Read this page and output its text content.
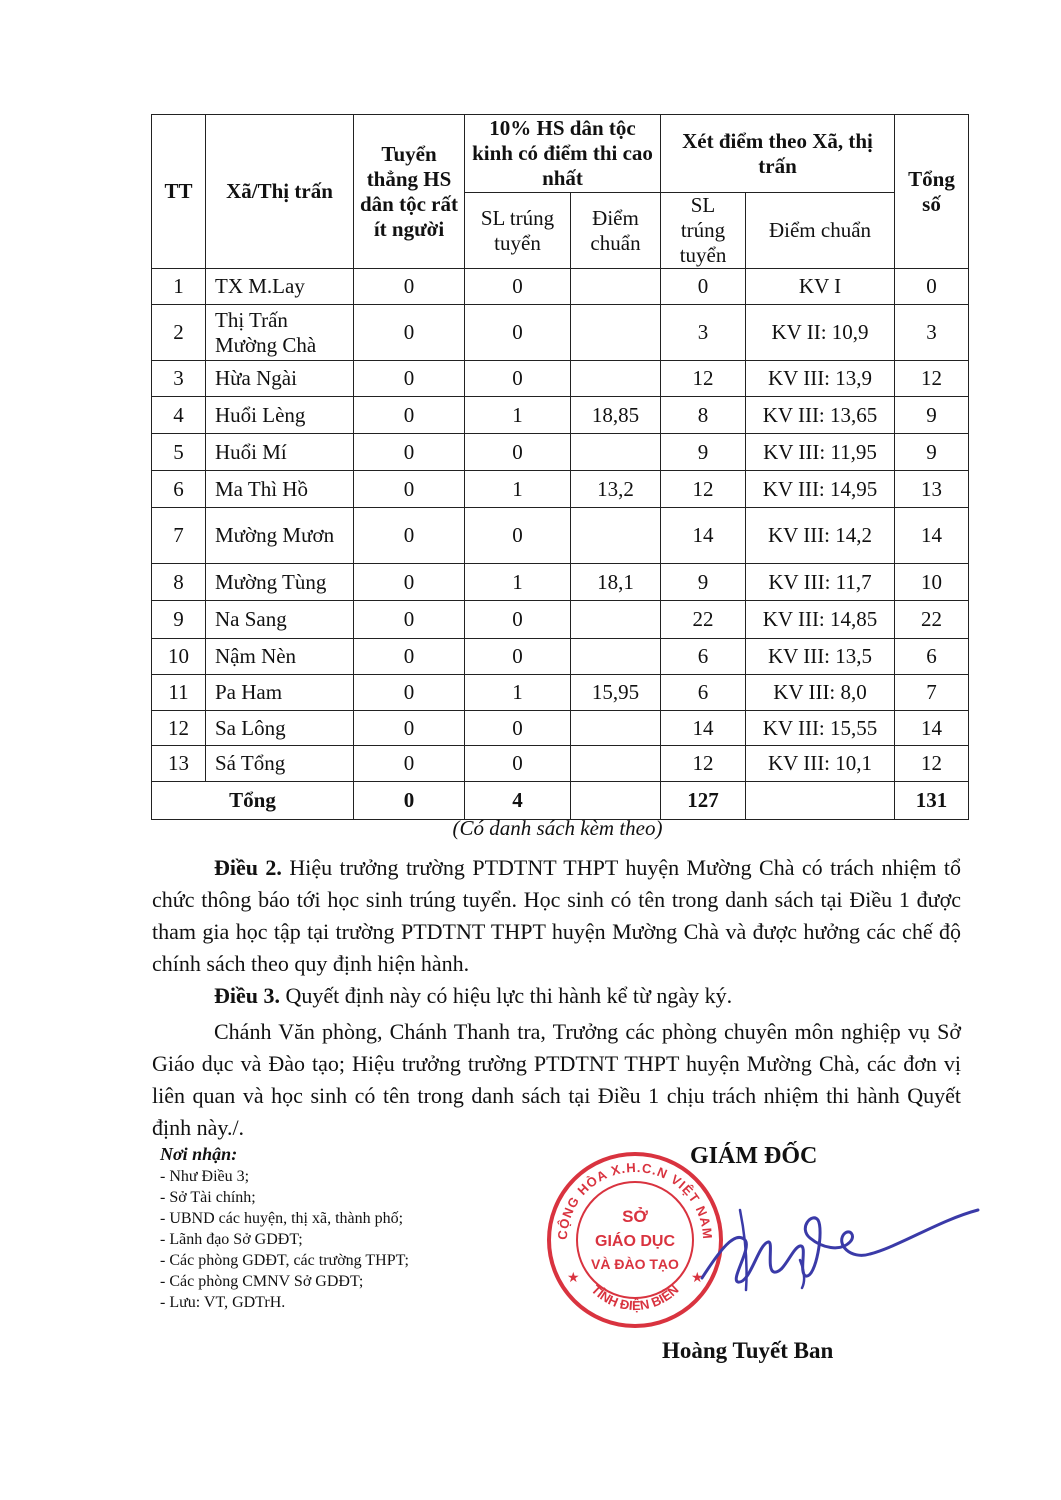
TT	Xã/Thị trấn	Tuyển thẳng HS dân tộc rất ít người	10% HS dân tộc kinh có điểm thi cao nhất		Xét điểm theo Xã, thị trấn		Tổng số
			SL trúng tuyển	Điểm chuẩn	SL trúng tuyển	Điểm chuẩn	
1	TX M.Lay	0	0		0	KV I	0
2	Thị Trấn Mường Chà	0	0		3	KV II: 10,9	3
3	Hừa Ngài	0	0		12	KV III: 13,9	12
4	Huổi Lèng	0	1	18,85	8	KV III: 13,65	9
5	Huổi Mí	0	0		9	KV III: 11,95	9
6	Ma Thì Hồ	0	1	13,2	12	KV III: 14,95	13
7	Mường Mươn	0	0		14	KV III: 14,2	14
8	Mường Tùng	0	1	18,1	9	KV III: 11,7	10
9	Na Sang	0	0		22	KV III: 14,85	22
10	Nậm Nèn	0	0		6	KV III: 13,5	6
11	Pa Ham	0	1	15,95	6	KV III: 8,0	7
12	Sa Lông	0	0		14	KV III: 15,55	14
13	Sá Tổng	0	0		12	KV III: 10,1	12
Tổng		0	4		127		131
(Có danh sách kèm theo)

Điều 2. Hiệu trưởng trường PTDTNT THPT huyện Mường Chà có trách nhiệm tổ chức thông báo tới học sinh trúng tuyển. Học sinh có tên trong danh sách tại Điều 1 được tham gia học tập tại trường PTDTNT THPT huyện Mường Chà và được hưởng các chế độ chính sách theo quy định hiện hành.

Điều 3. Quyết định này có hiệu lực thi hành kể từ ngày ký.

Chánh Văn phòng, Chánh Thanh tra, Trưởng các phòng chuyên môn nghiệp vụ Sở Giáo dục và Đào tạo; Hiệu trưởng trường PTDTNT THPT huyện Mường Chà, các đơn vị liên quan và học sinh có tên trong danh sách tại Điều 1 chịu trách nhiệm thi hành Quyết định này./.

Nơi nhận:
- Như Điều 3;
- Sở Tài chính;
- UBND các huyện, thị xã, thành phố;
- Lãnh đạo Sở GDĐT;
- Các phòng GDĐT, các trường THPT;
- Các phòng CMNV Sở GDĐT;
- Lưu: VT, GDTrH.
GIÁM ĐỐC
CỘNG HÒA X.H.C.N VIỆT NAM
TỈNH ĐIỆN BIÊN
SỞ
GIÁO DỤC
VÀ ĐÀO TẠO
★	★
Hoàng Tuyết Ban
